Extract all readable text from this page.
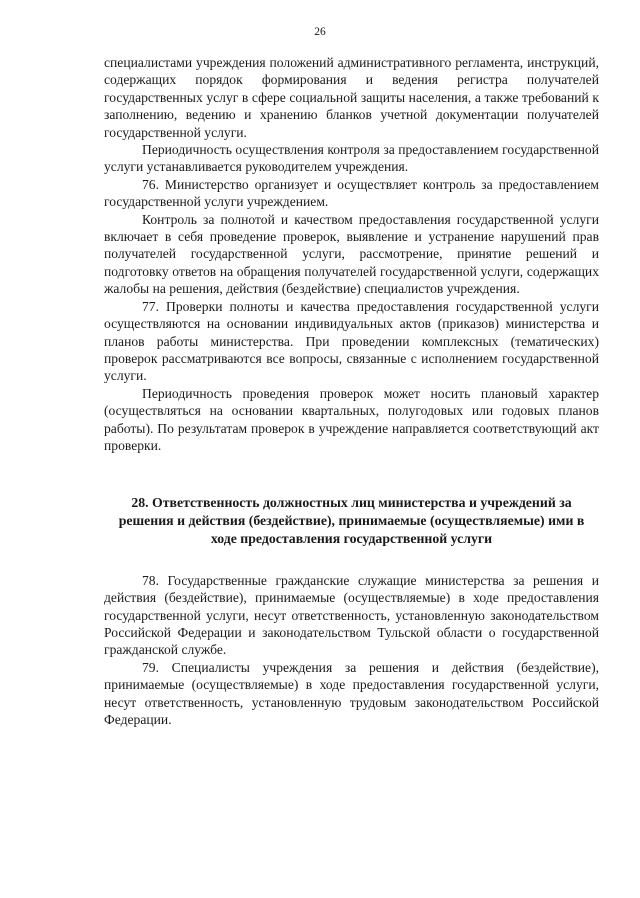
26

специалистами учреждения положений административного регламента, инструкций, содержащих порядок формирования и ведения регистра получателей государственных услуг в сфере социальной защиты населения, а также требований к заполнению, ведению и хранению бланков учетной документации получателей государственной услуги.

Периодичность осуществления контроля за предоставлением государственной услуги устанавливается руководителем учреждения.

76. Министерство организует и осуществляет контроль за предоставлением государственной услуги учреждением.

Контроль за полнотой и качеством предоставления государственной услуги включает в себя проведение проверок, выявление и устранение нарушений прав получателей государственной услуги, рассмотрение, принятие решений и подготовку ответов на обращения получателей государственной услуги, содержащих жалобы на решения, действия (бездействие) специалистов учреждения.

77. Проверки полноты и качества предоставления государственной услуги осуществляются на основании индивидуальных актов (приказов) министерства и планов работы министерства. При проведении комплексных (тематических) проверок рассматриваются все вопросы, связанные с исполнением государственной услуги.

Периодичность проведения проверок может носить плановый характер (осуществляться на основании квартальных, полугодовых или годовых планов работы). По результатам проверок в учреждение направляется соответствующий акт проверки.

28. Ответственность должностных лиц министерства и учреждений за решения и действия (бездействие), принимаемые (осуществляемые) ими в ходе предоставления государственной услуги

78. Государственные гражданские служащие министерства за решения и действия (бездействие), принимаемые (осуществляемые) в ходе предоставления государственной услуги, несут ответственность, установленную законодательством Российской Федерации и законодательством Тульской области о государственной гражданской службе.

79. Специалисты учреждения за решения и действия (бездействие), принимаемые (осуществляемые) в ходе предоставления государственной услуги, несут ответственность, установленную трудовым законодательством Российской Федерации.
